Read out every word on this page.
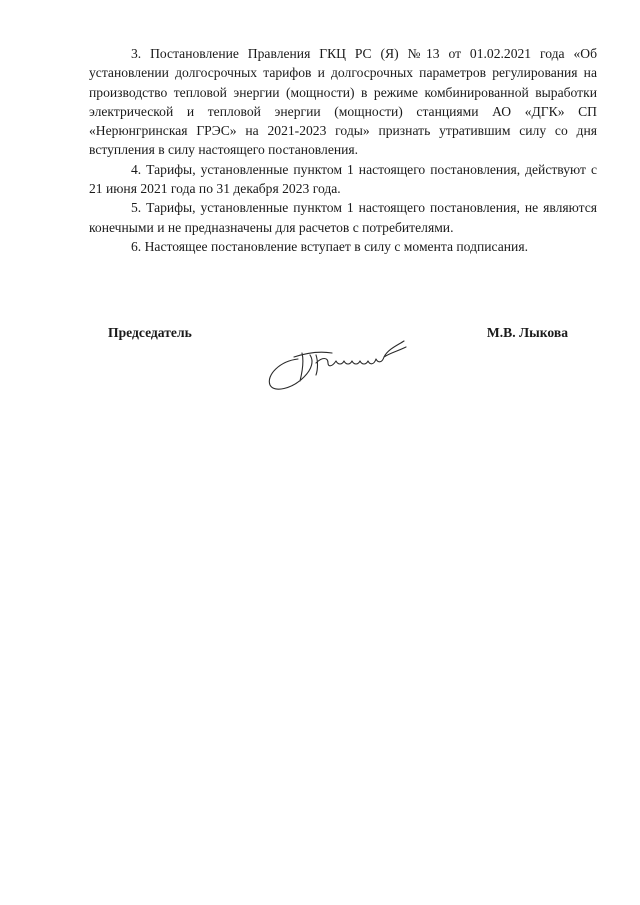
3. Постановление Правления ГКЦ РС (Я) №13 от 01.02.2021 года «Об установлении долгосрочных тарифов и долгосрочных параметров регулирования на производство тепловой энергии (мощности) в режиме комбинированной выработки электрической и тепловой энергии (мощности) станциями АО «ДГК» СП «Нерюнгринская ГРЭС» на 2021-2023 годы» признать утратившим силу со дня вступления в силу настоящего постановления.

4. Тарифы, установленные пунктом 1 настоящего постановления, действуют с 21 июня 2021 года по 31 декабря 2023 года.

5. Тарифы, установленные пунктом 1 настоящего постановления, не являются конечными и не предназначены для расчетов с потребителями.

6. Настоящее постановление вступает в силу с момента подписания.

Председатель	М.В. Лыкова
